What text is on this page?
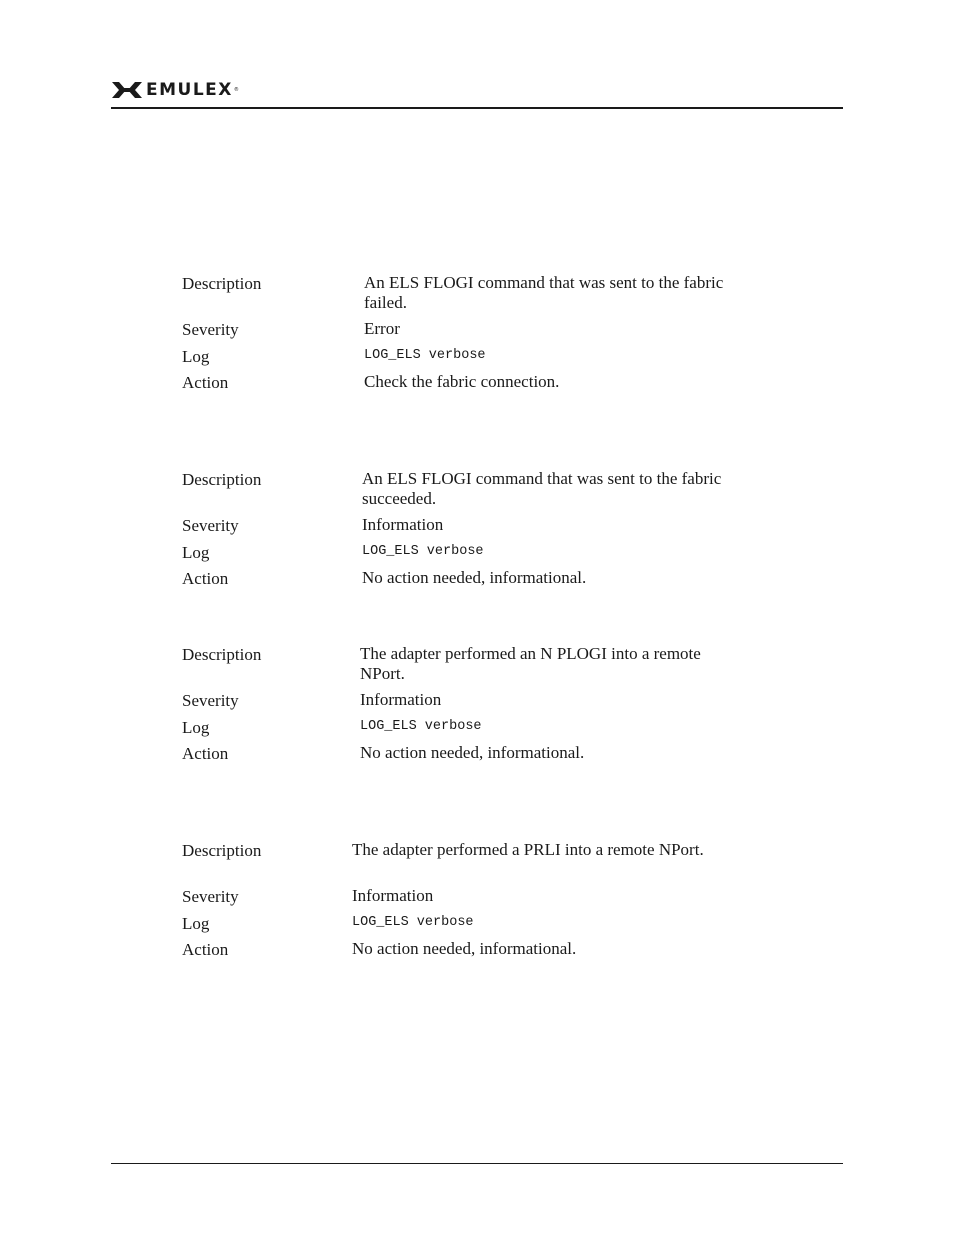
EMULEX ®
Description	An ELS FLOGI command that was sent to the fabric failed.
Severity	Error
Log	LOG_ELS verbose
Action	Check the fabric connection.
Description	An ELS FLOGI command that was sent to the fabric succeeded.
Severity	Information
Log	LOG_ELS verbose
Action	No action needed, informational.
Description	The adapter performed an N PLOGI into a remote NPort.
Severity	Information
Log	LOG_ELS verbose
Action	No action needed, informational.
Description	The adapter performed a PRLI into a remote NPort.
Severity	Information
Log	LOG_ELS verbose
Action	No action needed, informational.
